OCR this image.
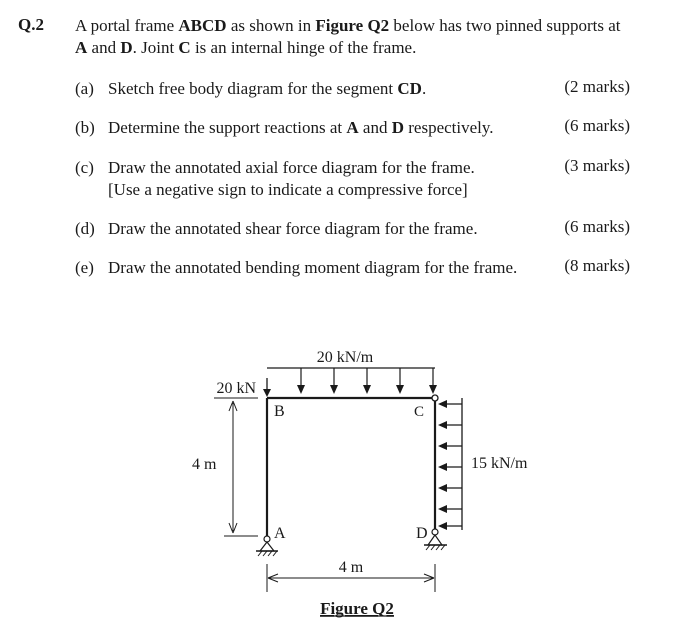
Q.2 A portal frame ABCD as shown in Figure Q2 below has two pinned supports at
A and D. Joint C is an internal hinge of the frame.
(a) Sketch free body diagram for the segment CD.	(2 marks)
(b) Determine the support reactions at A and D respectively.	(6 marks)
(c) Draw the annotated axial force diagram for the frame.
[Use a negative sign to indicate a compressive force]
(3 marks)
(d) Draw the annotated shear force diagram for the frame.	(6 marks)
(e) Draw the annotated bending moment diagram for the frame.	(8 marks)
20 kN/m
20 kN
15 kN/m
4 m
4 m
B	C
A	D
Figure Q2
